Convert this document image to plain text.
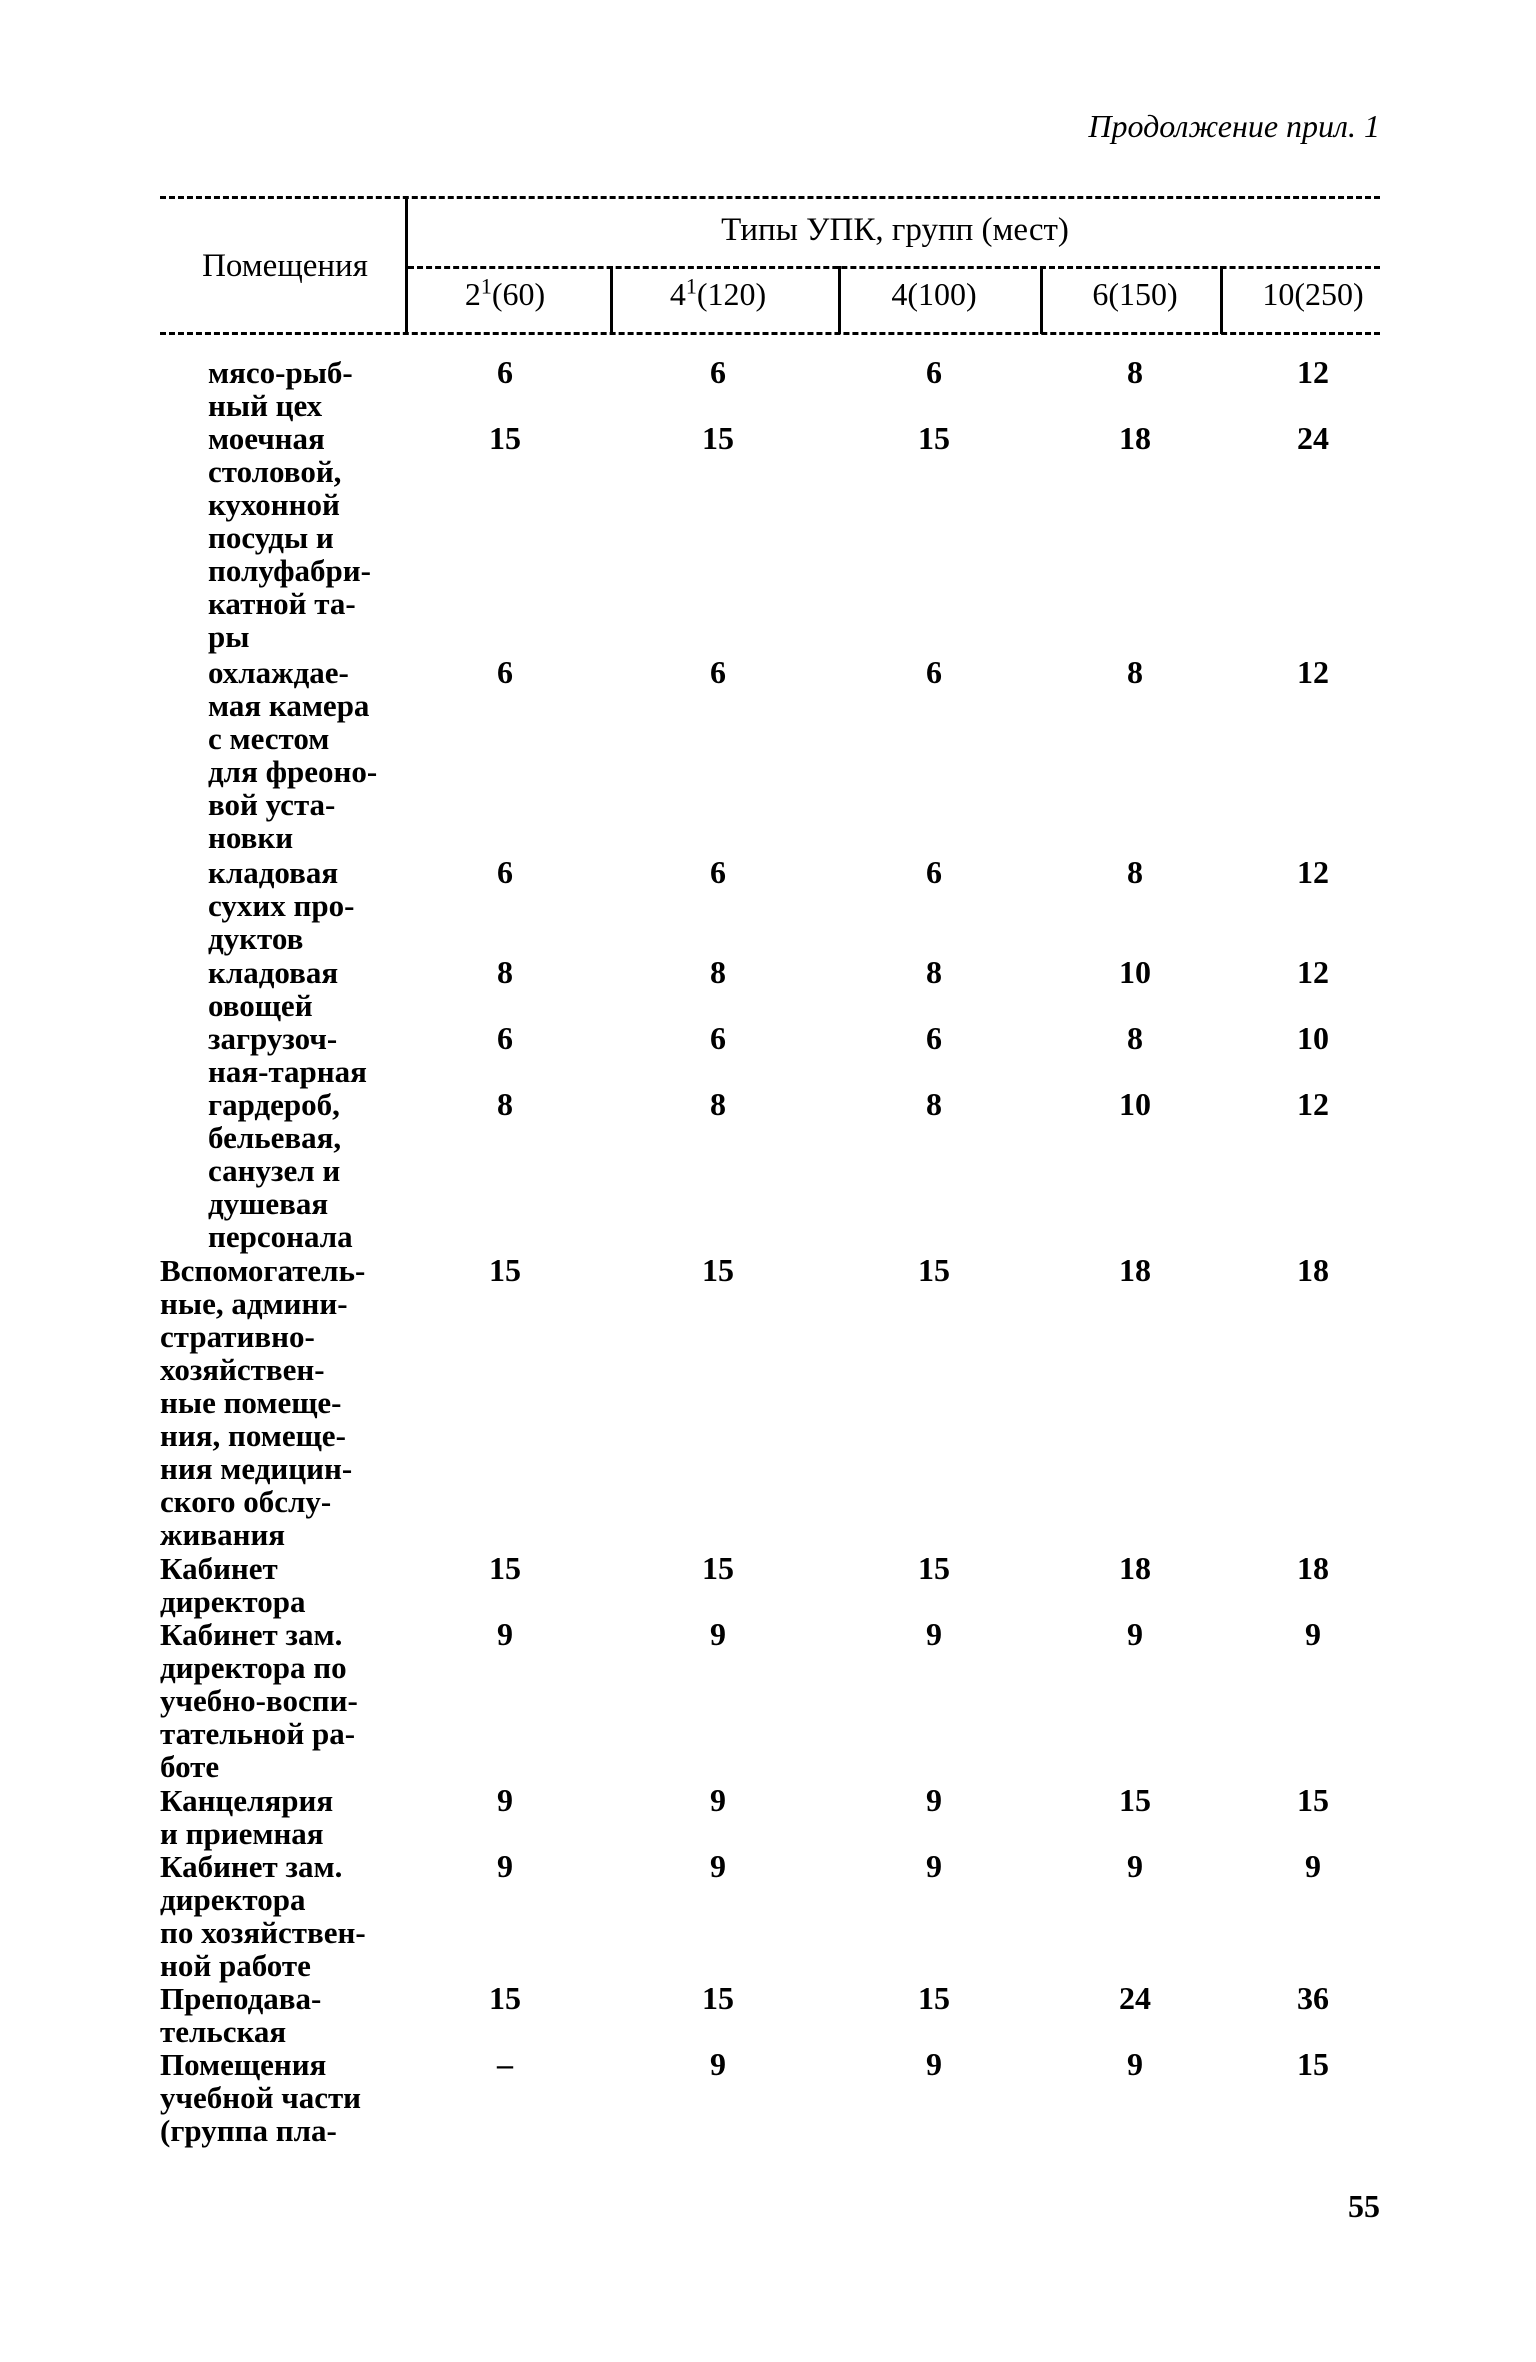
Продолжение прил. 1
Помещения
Типы УПК, групп (мест)
$2^1(60)$	$4^1(120)$	4(100)	6(150)	10(250)
мясо-рыб-
ный цех
6	6	6	8	12
моечная
столовой,
кухонной
посуды и
полуфабри-
катной та-
ры
15	15	15	18	24
охлаждае-
мая камера
с местом
для фреоно-
вой уста-
новки
6	6	6	8	12
кладовая
сухих про-
дуктов
6	6	6	8	12
кладовая
овощей
8	8	8	10	12
загрузоч-
ная-тарная
6	6	6	8	10
гардероб,
бельевая,
санузел и
душевая
персонала
8	8	8	10	12
Вспомогатель-
ные, админи-
стративно-
хозяйствен-
ные помеще-
ния, помеще-
ния медицин-
ского обслу-
живания
15	15	15	18	18
Кабинет
директора
15	15	15	18	18
Кабинет зам.
директора по
учебно-воспи-
тательной ра-
боте
9	9	9	9	9
Канцелярия
и приемная
9	9	9	15	15
Кабинет зам.
директора
по хозяйствен-
ной работе
9	9	9	9	9
Преподава-
тельская
15	15	15	24	36
Помещения
учебной части
(группа пла-
–	9	9	9	15
55
